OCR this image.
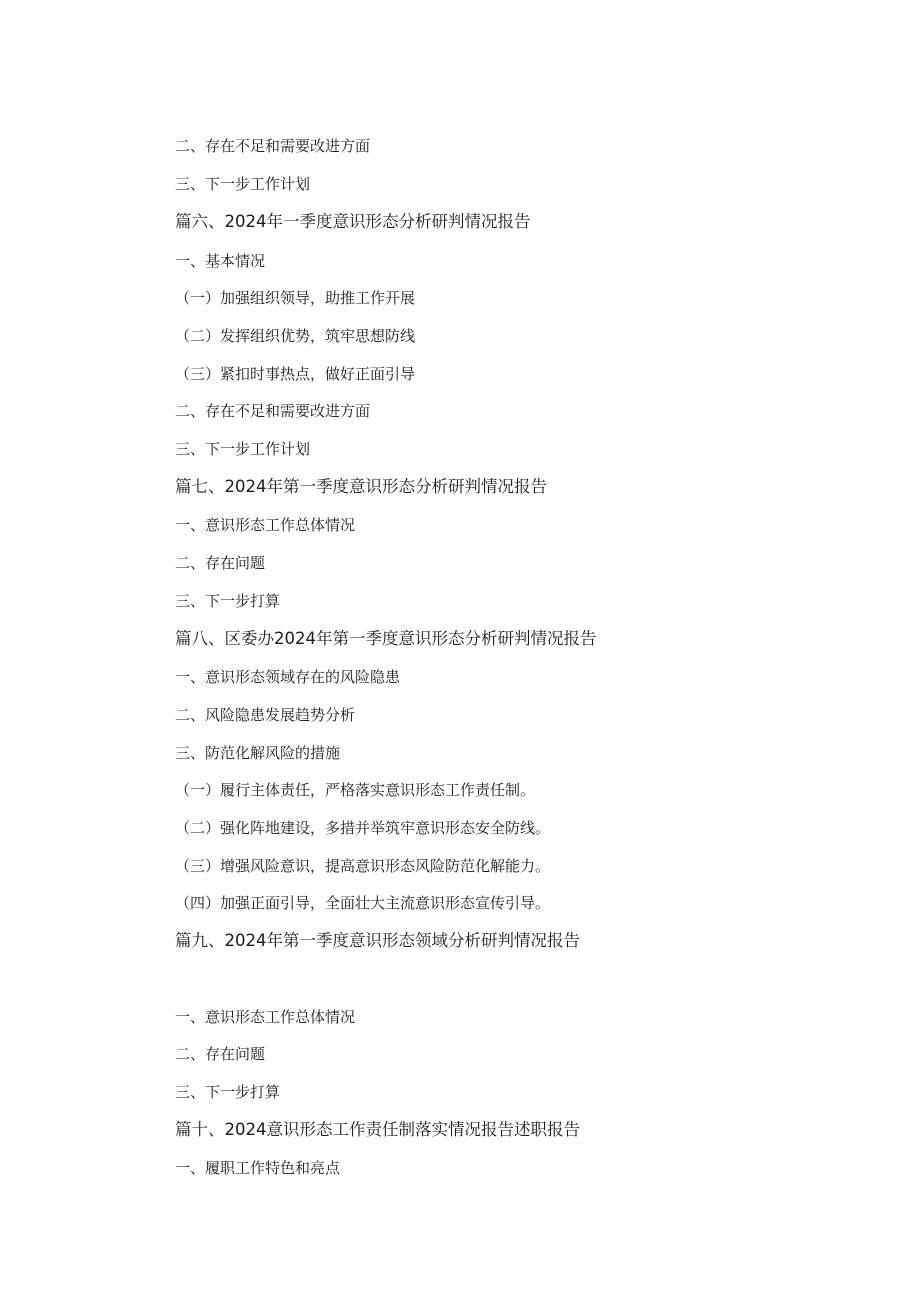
二、存在不足和需要改进方面
三、下一步工作计划
篇六、2024年一季度意识形态分析研判情况报告
一、基本情况
（一）加强组织领导，助推工作开展
（二）发挥组织优势，筑牢思想防线
（三）紧扣时事热点，做好正面引导
二、存在不足和需要改进方面
三、下一步工作计划
篇七、2024年第一季度意识形态分析研判情况报告
一、意识形态工作总体情况
二、存在问题
三、下一步打算
篇八、区委办2024年第一季度意识形态分析研判情况报告
一、意识形态领域存在的风险隐患
二、风险隐患发展趋势分析
三、防范化解风险的措施
（一）履行主体责任，严格落实意识形态工作责任制。
（二）强化阵地建设，多措并举筑牢意识形态安全防线。
（三）增强风险意识，提高意识形态风险防范化解能力。
（四）加强正面引导，全面壮大主流意识形态宣传引导。
篇九、2024年第一季度意识形态领域分析研判情况报告
一、意识形态工作总体情况
二、存在问题
三、下一步打算
篇十、2024意识形态工作责任制落实情况报告述职报告
一、履职工作特色和亮点
